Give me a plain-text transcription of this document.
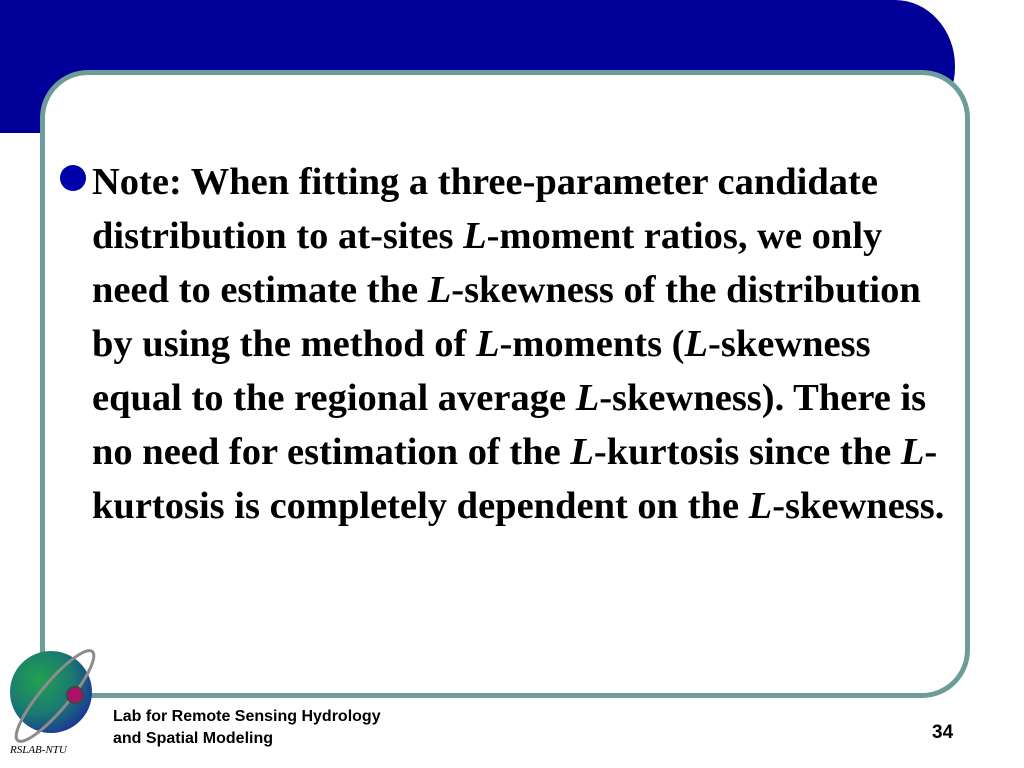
Note: When fitting a three-parameter candidate distribution to at-sites L-moment ratios, we only need to estimate the L-skewness of the distribution by using the method of L-moments (L-skewness equal to the regional average L-skewness). There is no need for estimation of the L-kurtosis since the L-kurtosis is completely dependent on the L-skewness.
RSLAB-NTU
Lab for Remote Sensing Hydrology
and Spatial Modeling	34
